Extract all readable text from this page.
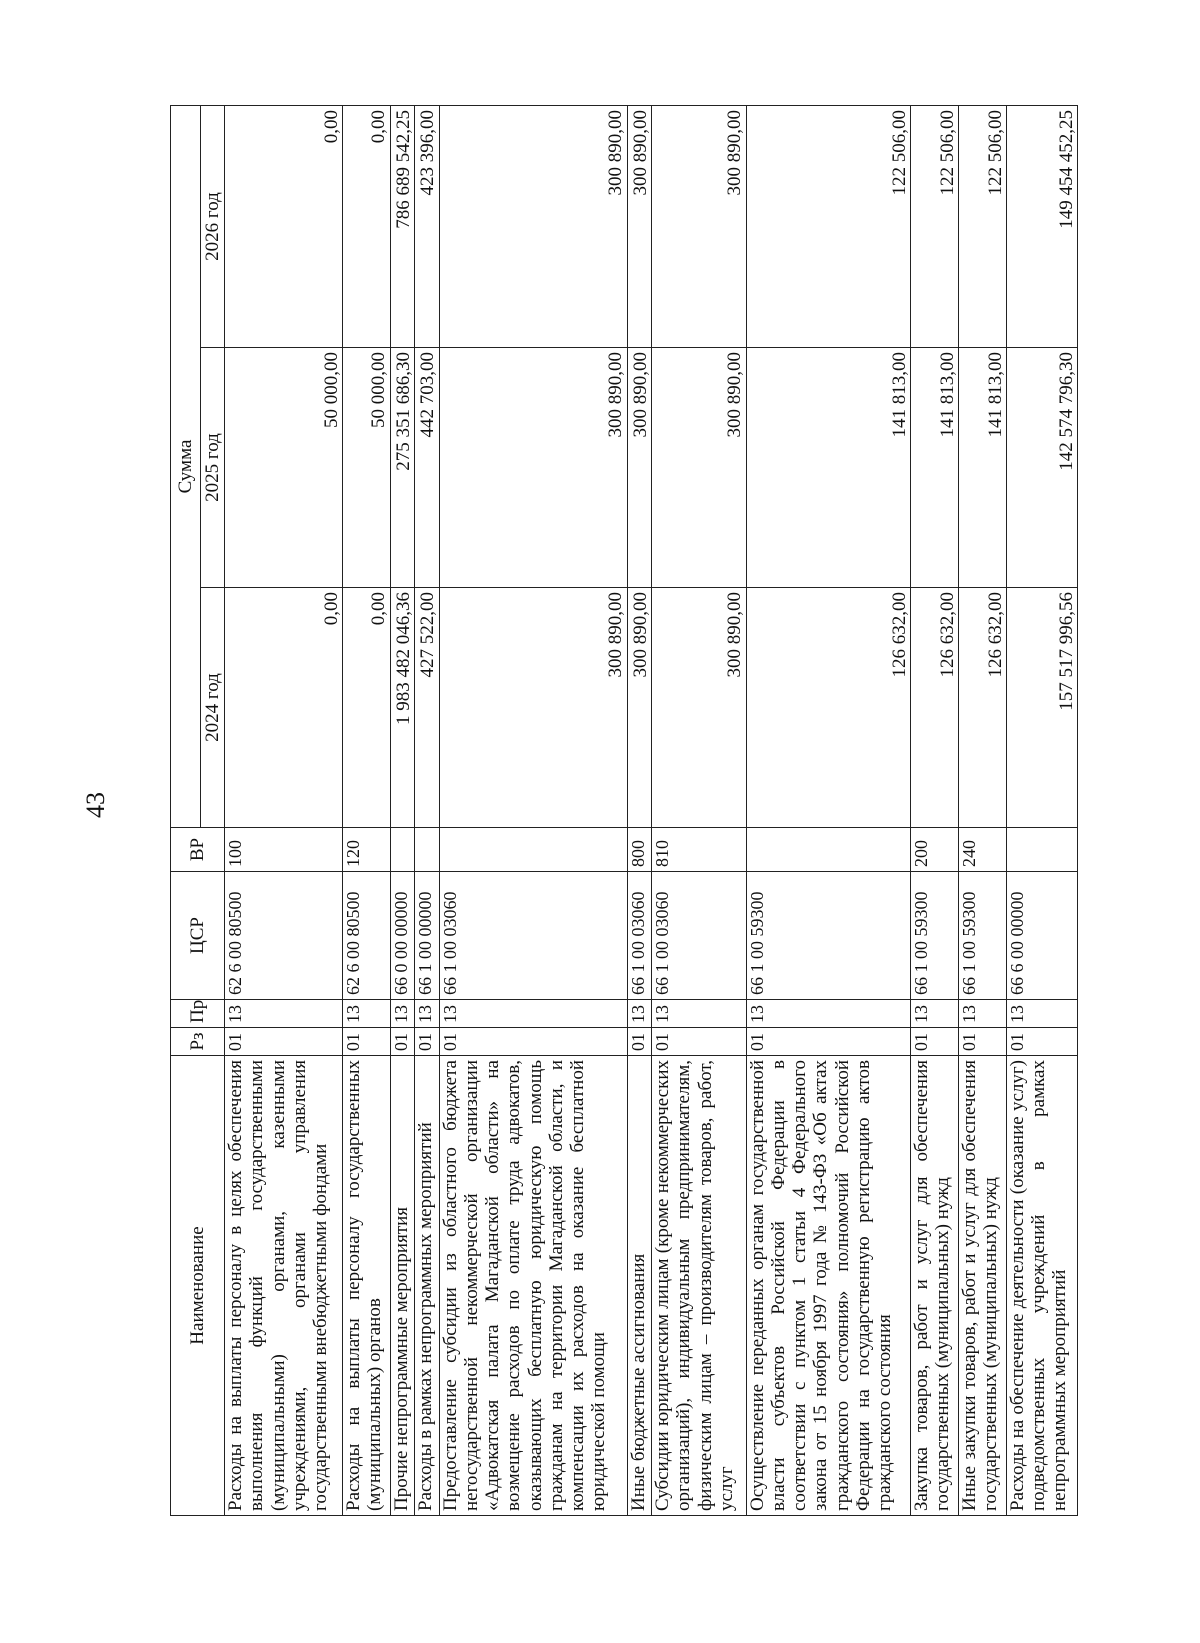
43
Наименование	Рз	Пр	ЦСР	ВР	Сумма		
					2024 год	2025 год	2026 год
Расходы на выплаты персоналу в целях обеспечения выполнения функций государственными (муниципальными) органами, казенными учреждениями, органами управления государственными внебюджетными фондами	01	13	62 6 00 80500	100	0,00	50 000,00	0,00
Расходы на выплаты персоналу государственных (муниципальных) органов	01	13	62 6 00 80500	120	0,00	50 000,00	0,00
Прочие непрограммные мероприятия	01	13	66 0 00 00000		1 983 482 046,36	275 351 686,30	786 689 542,25
Расходы в рамках непрограммных мероприятий	01	13	66 1 00 00000		427 522,00	442 703,00	423 396,00
Предоставление субсидии из областного бюджета негосударственной некоммерческой организации «Адвокатская палата Магаданской области» на возмещение расходов по оплате труда адвокатов, оказывающих бесплатную юридическую помощь гражданам на территории Магаданской области, и компенсации их расходов на оказание бесплатной юридической помощи	01	13	66 1 00 03060		300 890,00	300 890,00	300 890,00
Иные бюджетные ассигнования	01	13	66 1 00 03060	800	300 890,00	300 890,00	300 890,00
Субсидии юридическим лицам (кроме некоммерческих организаций), индивидуальным предпринимателям, физическим лицам – производителям товаров, работ, услуг	01	13	66 1 00 03060	810	300 890,00	300 890,00	300 890,00
Осуществление переданных органам государственной власти субъектов Российской Федерации в соответствии с пунктом 1 статьи 4 Федерального закона от 15 ноября 1997 года № 143-ФЗ «Об актах гражданского состояния» полномочий Российской Федерации на государственную регистрацию актов гражданского состояния	01	13	66 1 00 59300		126 632,00	141 813,00	122 506,00
Закупка товаров, работ и услуг для обеспечения государственных (муниципальных) нужд	01	13	66 1 00 59300	200	126 632,00	141 813,00	122 506,00
Иные закупки товаров, работ и услуг для обеспечения государственных (муниципальных) нужд	01	13	66 1 00 59300	240	126 632,00	141 813,00	122 506,00
Расходы на обеспечение деятельности (оказание услуг) подведомственных учреждений в рамках непрограммных мероприятий	01	13	66 6 00 00000		157 517 996,56	142 574 796,30	149 454 452,25
